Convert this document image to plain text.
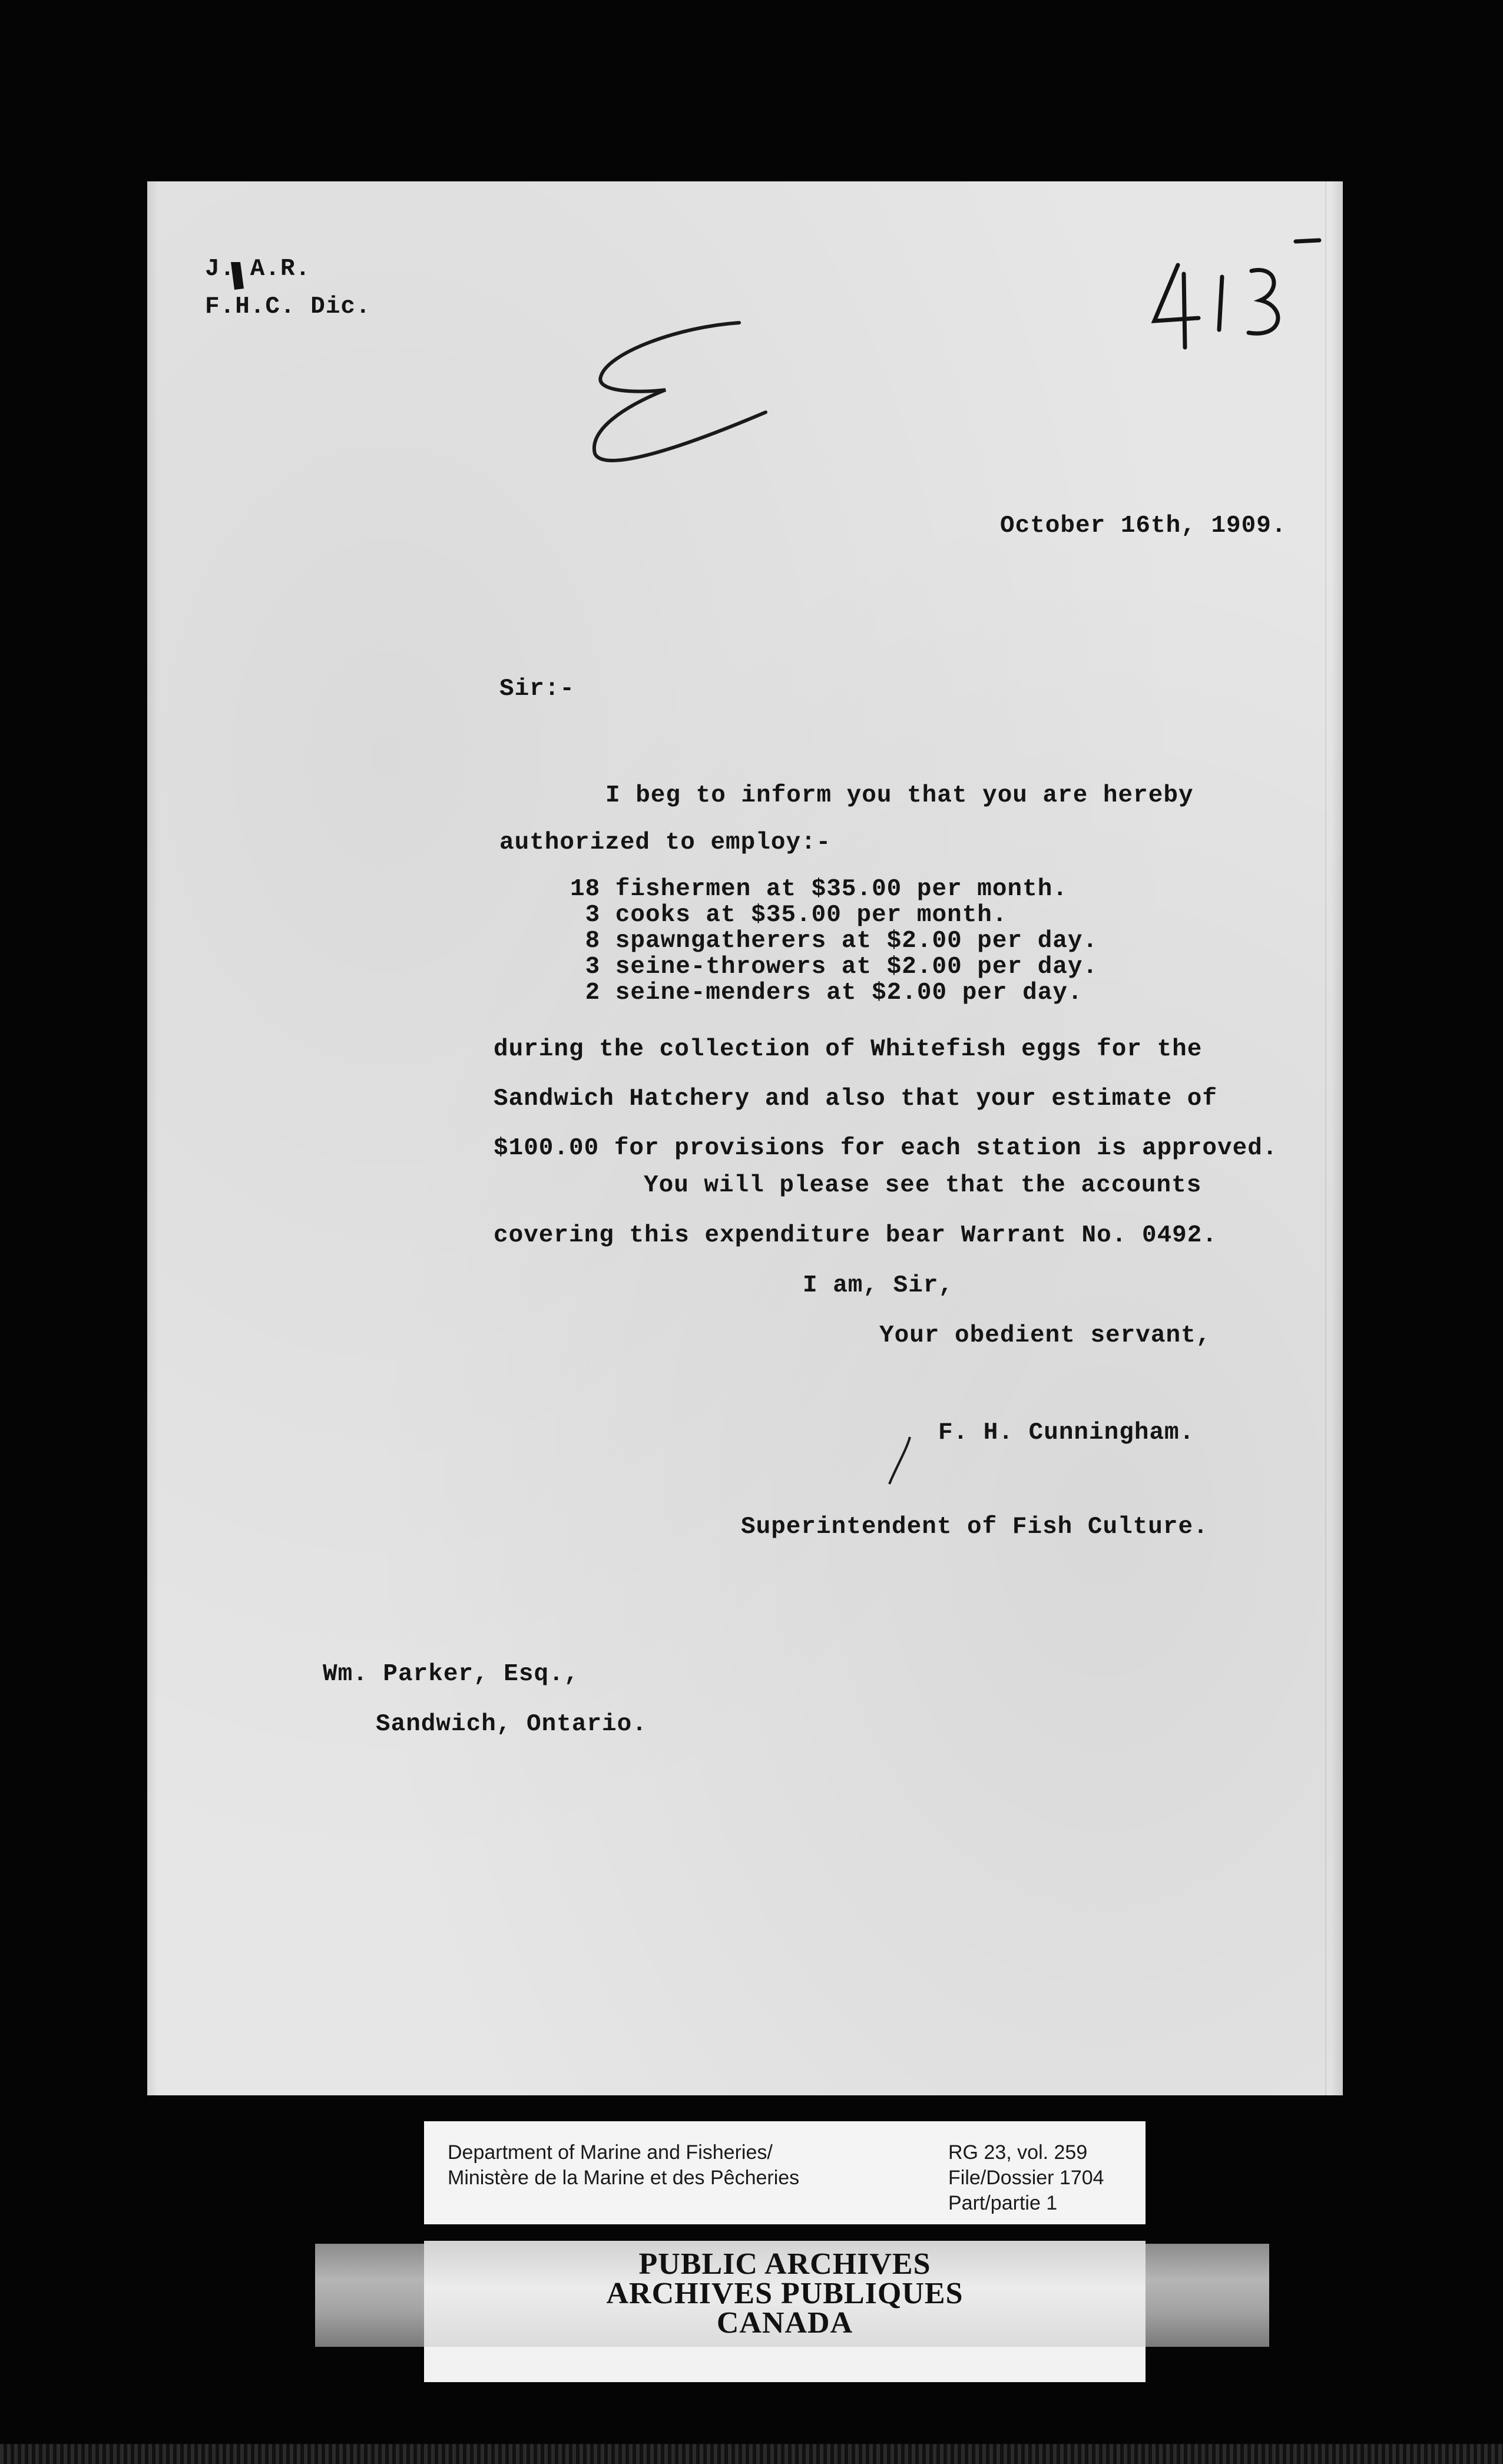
J. A.R.
F.H.C. Dic.
October 16th, 1909.
Sir:-
I beg to inform you that you are hereby
authorized to employ:-
18 fishermen at $35.00 per month.
3 cooks at $35.00 per month.
8 spawngatherers at $2.00 per day.
3 seine-throwers at $2.00 per day.
2 seine-menders at $2.00 per day.
during the collection of Whitefish eggs for the
Sandwich Hatchery and also that your estimate of
$100.00 for provisions for each station is approved.
You will please see that the accounts
covering this expenditure bear Warrant No. 0492.
I am, Sir,
Your obedient servant,
F. H. Cunningham.
Superintendent of Fish Culture.
Wm. Parker, Esq.,
Sandwich, Ontario.
Department of Marine and Fisheries/
Ministère de la Marine et des Pêcheries
RG 23, vol. 259
File/Dossier 1704
Part/partie 1
PUBLIC ARCHIVES
ARCHIVES PUBLIQUES
CANADA
